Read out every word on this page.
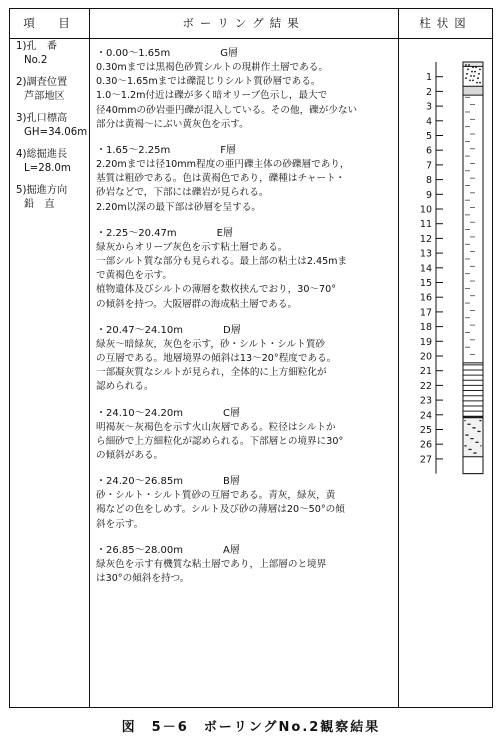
項　目	ボーリング結果	柱状図
1)孔　番
No.2
2)調査位置
芦部地区
3)孔口標高
GH=34.06m
4)総掘進長
L=28.0m
5)掘進方向
鉛　直
・0.00～1.65m　　　　　G層
0.30mまでは黒褐色砂質シルトの現耕作土層である。
0.30～1.65mまでは礫混じりシルト質砂層である。
1.0～1.2m付近は礫が多く暗オリーブ色示し，最大で
径40mmの砂岩亜円礫が混入している。その他，礫が少ない
部分は黄褐～にぶい黄灰色を示す。
・1.65～2.25m　　　　　F層
2.20mまでは径10mm程度の亜円礫主体の砂礫層であり，
基質は粗砂である。色は黄褐色であり，礫種はチャート・
砂岩などで，下部には礫岩が見られる。
2.20m以深の最下部は砂層を呈する。
・2.25～20.47m　　　　E層
緑灰からオリーブ灰色を示す粘土層である。
一部シルト質な部分も見られる。最上部の粘土は2.45mま
で黄褐色を示す。
植物遺体及びシルトの薄層を数枚挟んでおり，30～70°
の傾斜を持つ。大阪層群の海成粘土層である。
・20.47～24.10m　　　　D層
緑灰～暗緑灰，灰色を示す，砂・シルト・シルト質砂
の互層である。地層境界の傾斜は13～20°程度である。
一部凝灰質なシルトが見られ，全体的に上方細粒化が
認められる。
・24.10～24.20m　　　　C層
明褐灰～灰褐色を示す火山灰層である。粒径はシルトか
ら細砂で上方細粒化が認められる。下部層との境界に30°
の傾斜がある。
・24.20～26.85m　　　　B層
砂・シルト・シルト質砂の互層である。青灰，緑灰，黄
褐などの色をしめす。シルト及び砂の薄層は20～50°の傾
斜を示す。
・26.85～28.00m　　　　A層
緑灰色を示す有機質な粘土層であり，上部層のと境界
は30°の傾斜を持つ。
1
2
3
4
5
6
7
8
9
10
11
12
13
14
15
16
17
18
19
20
21
22
23
24
25
26
27
図　5－6　ボーリングNo.2観察結果
